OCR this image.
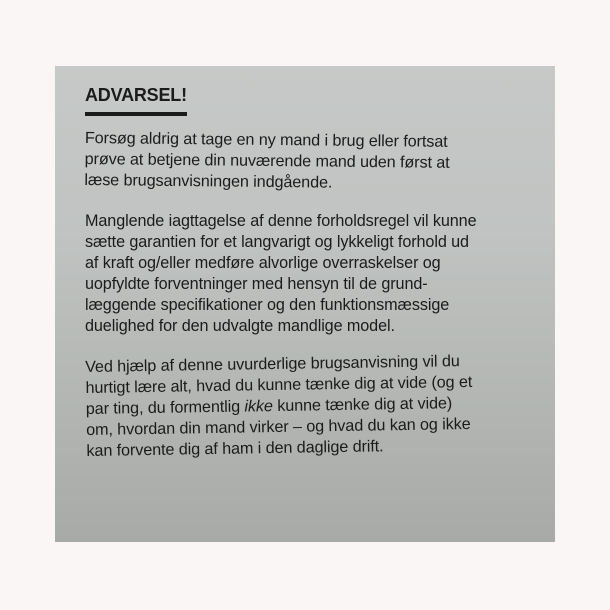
ADVARSEL!
Forsøg aldrig at tage en ny mand i brug eller fortsat
prøve at betjene din nuværende mand uden først at
læse brugsanvisningen indgående.
Manglende iagttagelse af denne forholdsregel vil kunne
sætte garantien for et langvarigt og lykkeligt forhold ud
af kraft og/eller medføre alvorlige overraskelser og
uopfyldte forventninger med hensyn til de grund-
læggende specifikationer og den funktionsmæssige
duelighed for den udvalgte mandlige model.
Ved hjælp af denne uvurderlige brugsanvisning vil du
hurtigt lære alt, hvad du kunne tænke dig at vide (og et
par ting, du formentlig ikke kunne tænke dig at vide)
om, hvordan din mand virker – og hvad du kan og ikke
kan forvente dig af ham i den daglige drift.
